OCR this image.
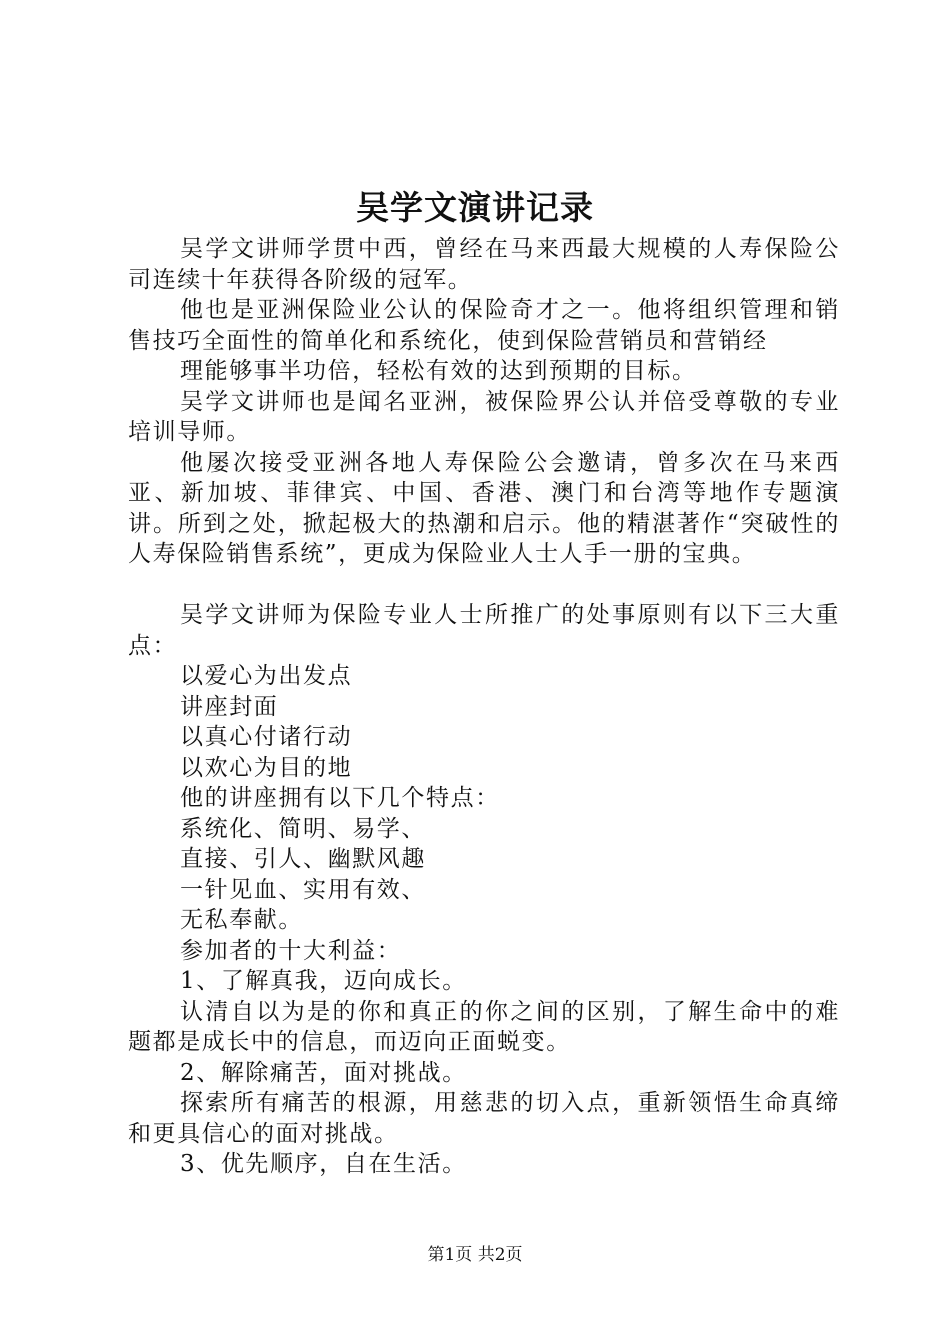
吴学文演讲记录

吴学文讲师学贯中西，曾经在马来西最大规模的人寿保险公司连续十年获得各阶级的冠军。

他也是亚洲保险业公认的保险奇才之一。他将组织管理和销售技巧全面性的简单化和系统化，使到保险营销员和营销经

理能够事半功倍，轻松有效的达到预期的目标。

吴学文讲师也是闻名亚洲，被保险界公认并倍受尊敬的专业培训导师。

他屡次接受亚洲各地人寿保险公会邀请，曾多次在马来西亚、新加坡、菲律宾、中国、香港、澳门和台湾等地作专题演讲。所到之处，掀起极大的热潮和启示。他的精湛著作“突破性的人寿保险销售系统”，更成为保险业人士人手一册的宝典。

吴学文讲师为保险专业人士所推广的处事原则有以下三大重点：

以爱心为出发点

讲座封面

以真心付诸行动

以欢心为目的地

他的讲座拥有以下几个特点：

系统化、简明、易学、

直接、引人、幽默风趣

一针见血、实用有效、

无私奉献。

参加者的十大利益：

1、了解真我，迈向成长。

认清自以为是的你和真正的你之间的区别，了解生命中的难题都是成长中的信息，而迈向正面蜕变。

2、解除痛苦，面对挑战。

探索所有痛苦的根源，用慈悲的切入点，重新领悟生命真缔和更具信心的面对挑战。

3、优先顺序，自在生活。

第1页 共2页
